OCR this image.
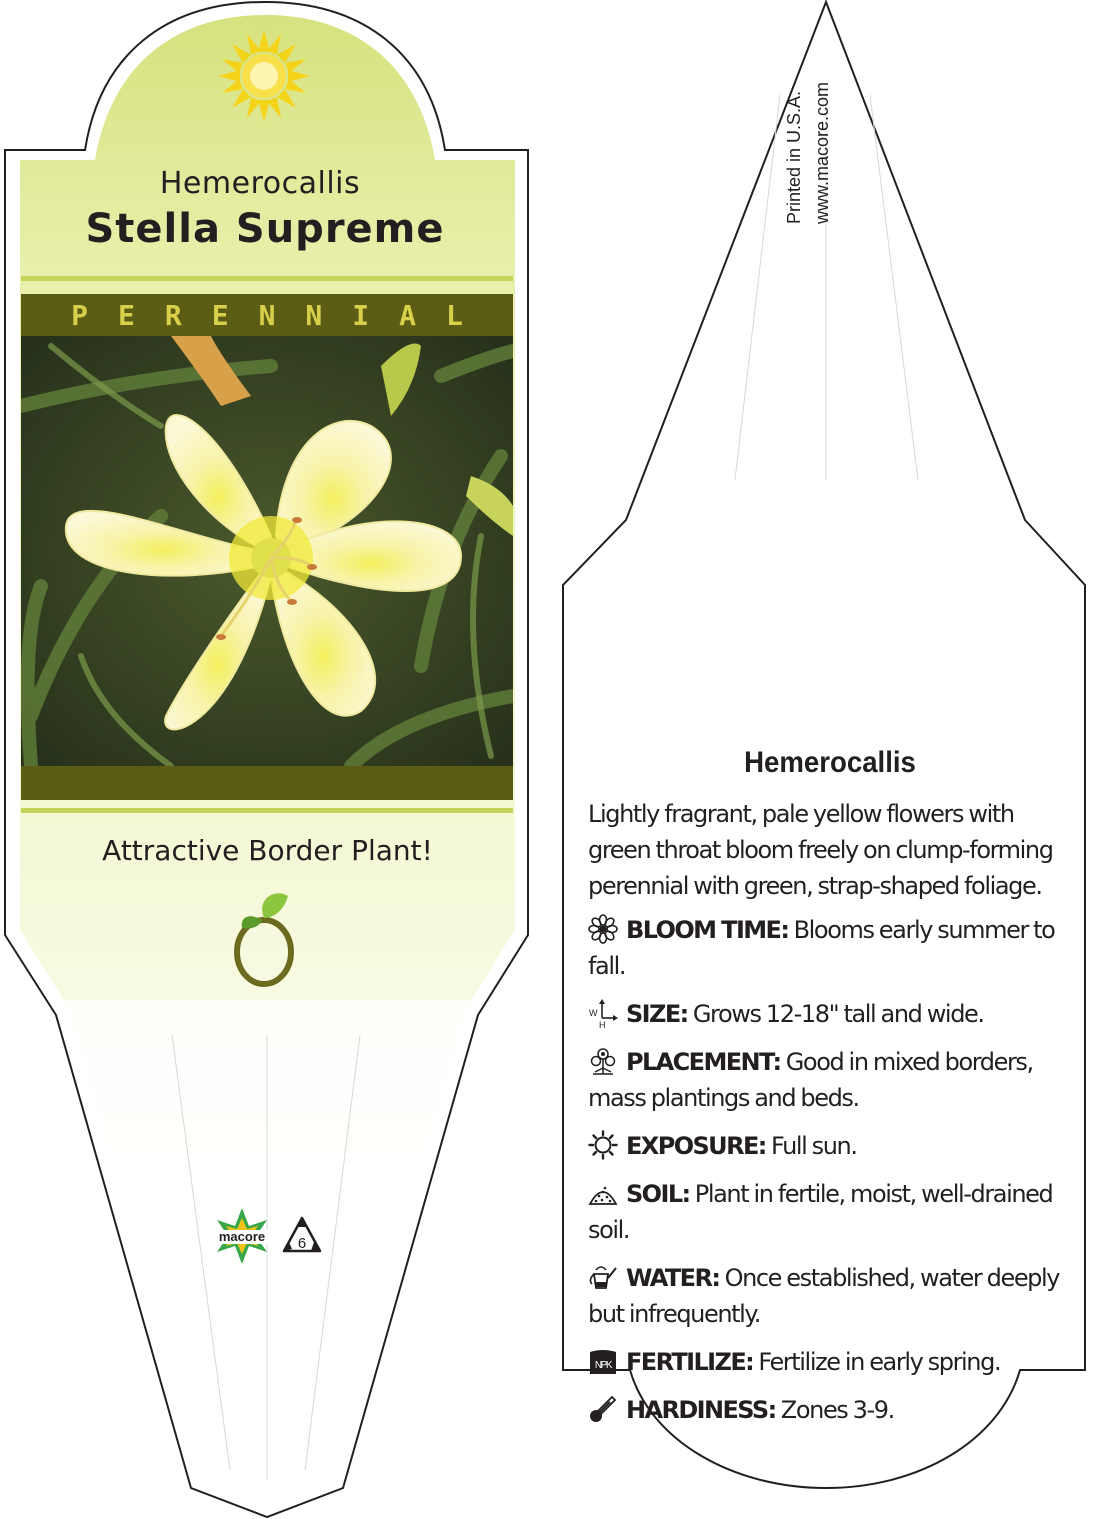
Hemerocallis
Stella Supreme
PERENNIAL
Attractive Border Plant!
macore 6
Printed in U.S.A. www.macore.com
Hemerocallis

Lightly fragrant, pale yellow flowers with green throat bloom freely on clump-forming perennial with green, strap-shaped foliage.

BLOOM TIME: Blooms early summer to fall.

W
H SIZE: Grows 12-18" tall and wide.

PLACEMENT: Good in mixed borders, mass plantings and beds.

EXPOSURE: Full sun.

SOIL: Plant in fertile, moist, well-drained soil.

WATER: Once established, water deeply but infrequently.

NPK FERTILIZE: Fertilize in early spring.

HARDINESS: Zones 3-9.
